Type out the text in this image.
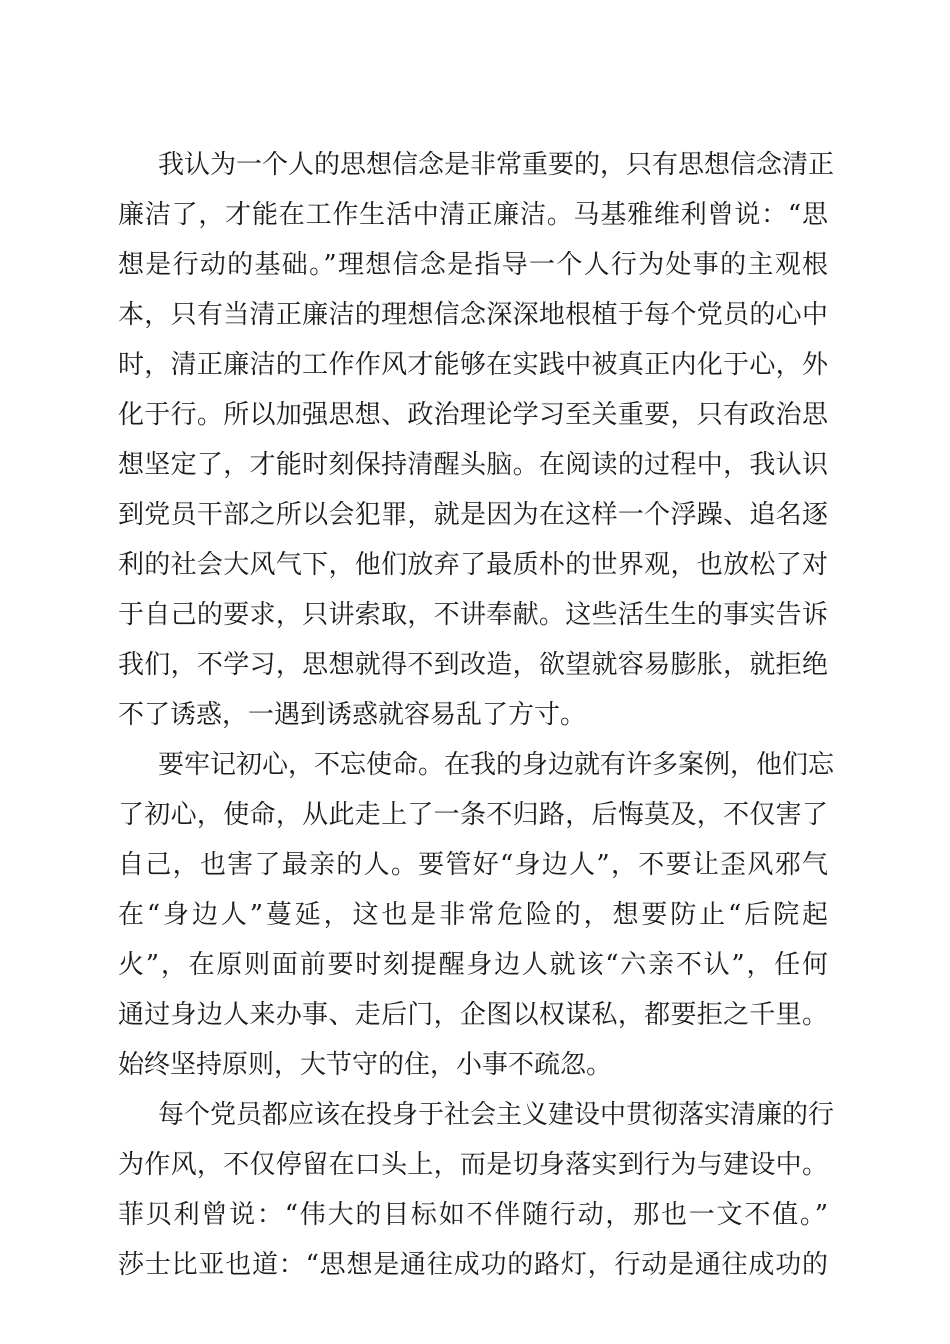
我认为一个人的思想信念是非常重要的，只有思想信念清正
廉洁了，才能在工作生活中清正廉洁。马基雅维利曾说：“思
想是行动的基础。”理想信念是指导一个人行为处事的主观根
本，只有当清正廉洁的理想信念深深地根植于每个党员的心中
时，清正廉洁的工作作风才能够在实践中被真正内化于心，外
化于行。所以加强思想、政治理论学习至关重要，只有政治思
想坚定了，才能时刻保持清醒头脑。在阅读的过程中，我认识
到党员干部之所以会犯罪，就是因为在这样一个浮躁、追名逐
利的社会大风气下，他们放弃了最质朴的世界观，也放松了对
于自己的要求，只讲索取，不讲奉献。这些活生生的事实告诉
我们，不学习，思想就得不到改造，欲望就容易膨胀，就拒绝
不了诱惑，一遇到诱惑就容易乱了方寸。
要牢记初心，不忘使命。在我的身边就有许多案例，他们忘
了初心，使命，从此走上了一条不归路，后悔莫及，不仅害了
自己，也害了最亲的人。要管好“身边人”，不要让歪风邪气
在“身边人”蔓延，这也是非常危险的，想要防止“后院起
火”，在原则面前要时刻提醒身边人就该“六亲不认”，任何
通过身边人来办事、走后门，企图以权谋私，都要拒之千里。
始终坚持原则，大节守的住，小事不疏忽。
每个党员都应该在投身于社会主义建设中贯彻落实清廉的行
为作风，不仅停留在口头上，而是切身落实到行为与建设中。
菲贝利曾说：“伟大的目标如不伴随行动，那也一文不值。”
莎士比亚也道：“思想是通往成功的路灯，行动是通往成功的
